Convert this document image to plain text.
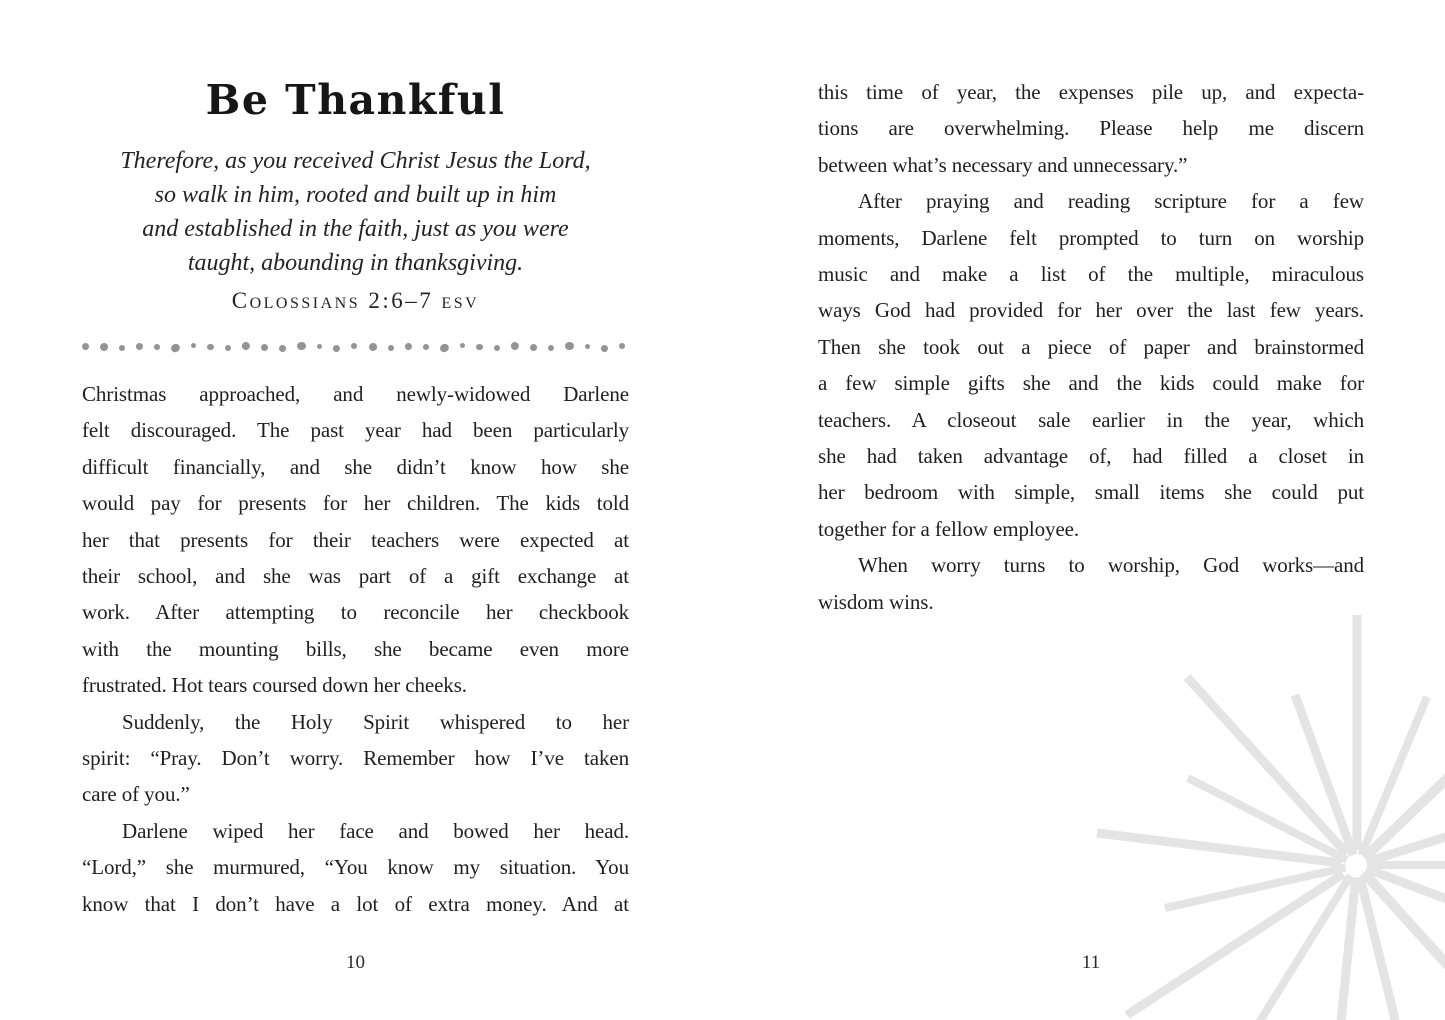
Be Thankful
Therefore, as you received Christ Jesus the Lord,
so walk in him, rooted and built up in him
and established in the faith, just as you were
taught, abounding in thanksgiving.
Colossians 2:6–7 esv
Christmas approached, and newly-widowed Darlene
felt discouraged. The past year had been particularly
difficult financially, and she didn’t know how she
would pay for presents for her children. The kids told
her that presents for their teachers were expected at
their school, and she was part of a gift exchange at
work. After attempting to reconcile her checkbook
with the mounting bills, she became even more
frustrated. Hot tears coursed down her cheeks.
Suddenly, the Holy Spirit whispered to her
spirit: “Pray. Don’t worry. Remember how I’ve taken
care of you.”
Darlene wiped her face and bowed her head.
“Lord,” she murmured, “You know my situation. You
know that I don’t have a lot of extra money. And at
this time of year, the expenses pile up, and expecta-
tions are overwhelming. Please help me discern
between what’s necessary and unnecessary.”
After praying and reading scripture for a few
moments, Darlene felt prompted to turn on worship
music and make a list of the multiple, miraculous
ways God had provided for her over the last few years.
Then she took out a piece of paper and brainstormed
a few simple gifts she and the kids could make for
teachers. A closeout sale earlier in the year, which
she had taken advantage of, had filled a closet in
her bedroom with simple, small items she could put
together for a fellow employee.
When worry turns to worship, God works—and
wisdom wins.
10	11
